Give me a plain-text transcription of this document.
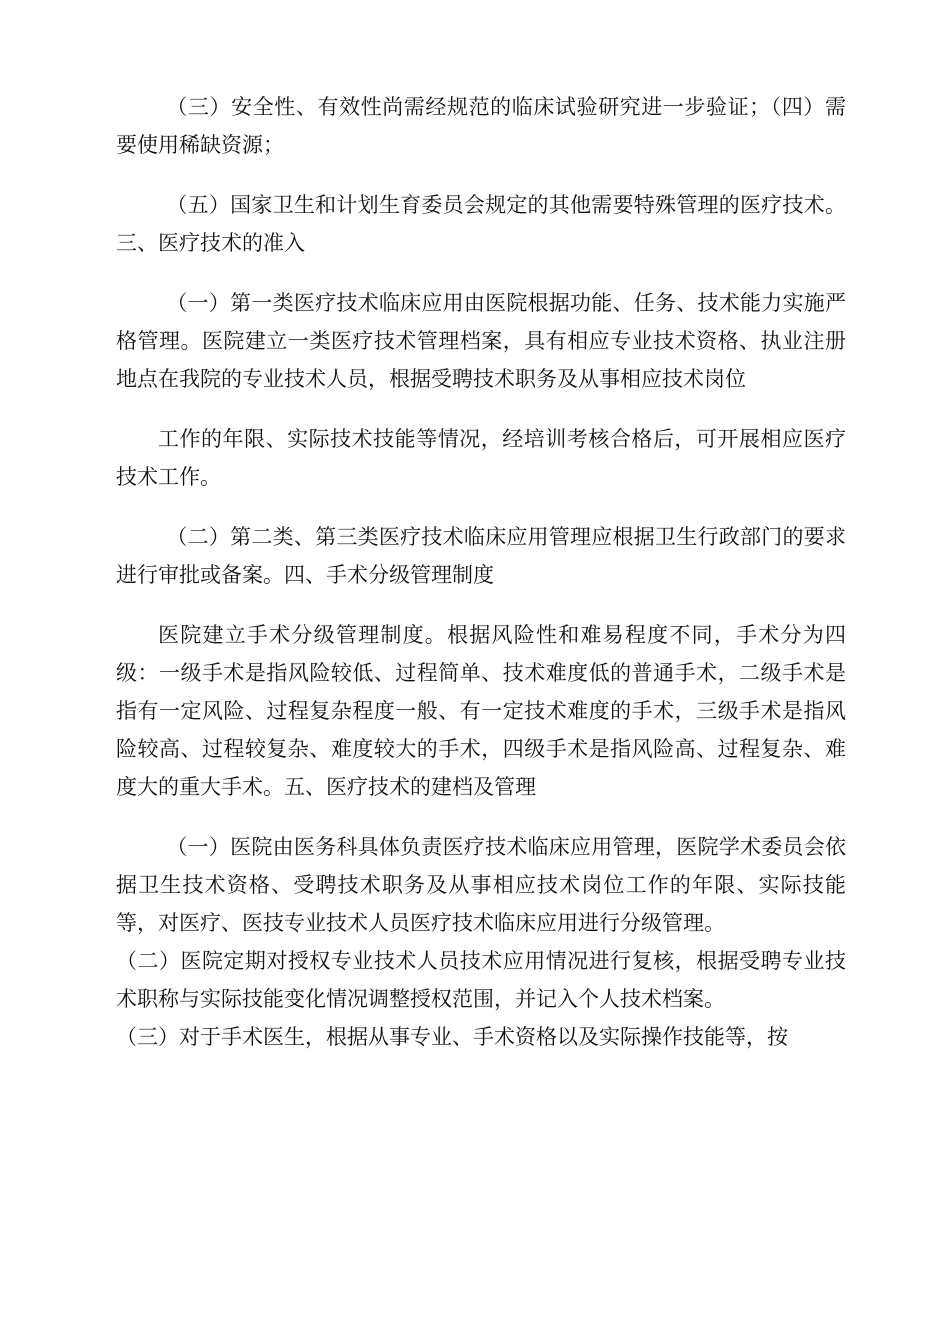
（三）安全性、有效性尚需经规范的临床试验研究进一步验证；（四）需要使用稀缺资源；

（五）国家卫生和计划生育委员会规定的其他需要特殊管理的医疗技术。三、医疗技术的准入

（一）第一类医疗技术临床应用由医院根据功能、任务、技术能力实施严格管理。医院建立一类医疗技术管理档案，具有相应专业技术资格、执业注册地点在我院的专业技术人员，根据受聘技术职务及从事相应技术岗位

工作的年限、实际技术技能等情况，经培训考核合格后，可开展相应医疗技术工作。

（二）第二类、第三类医疗技术临床应用管理应根据卫生行政部门的要求进行审批或备案。四、手术分级管理制度

医院建立手术分级管理制度。根据风险性和难易程度不同，手术分为四级：一级手术是指风险较低、过程简单、技术难度低的普通手术，二级手术是指有一定风险、过程复杂程度一般、有一定技术难度的手术，三级手术是指风险较高、过程较复杂、难度较大的手术，四级手术是指风险高、过程复杂、难度大的重大手术。五、医疗技术的建档及管理

（一）医院由医务科具体负责医疗技术临床应用管理，医院学术委员会依据卫生技术资格、受聘技术职务及从事相应技术岗位工作的年限、实际技能等，对医疗、医技专业技术人员医疗技术临床应用进行分级管理。

（二）医院定期对授权专业技术人员技术应用情况进行复核，根据受聘专业技术职称与实际技能变化情况调整授权范围，并记入个人技术档案。

（三）对于手术医生，根据从事专业、手术资格以及实际操作技能等，按
